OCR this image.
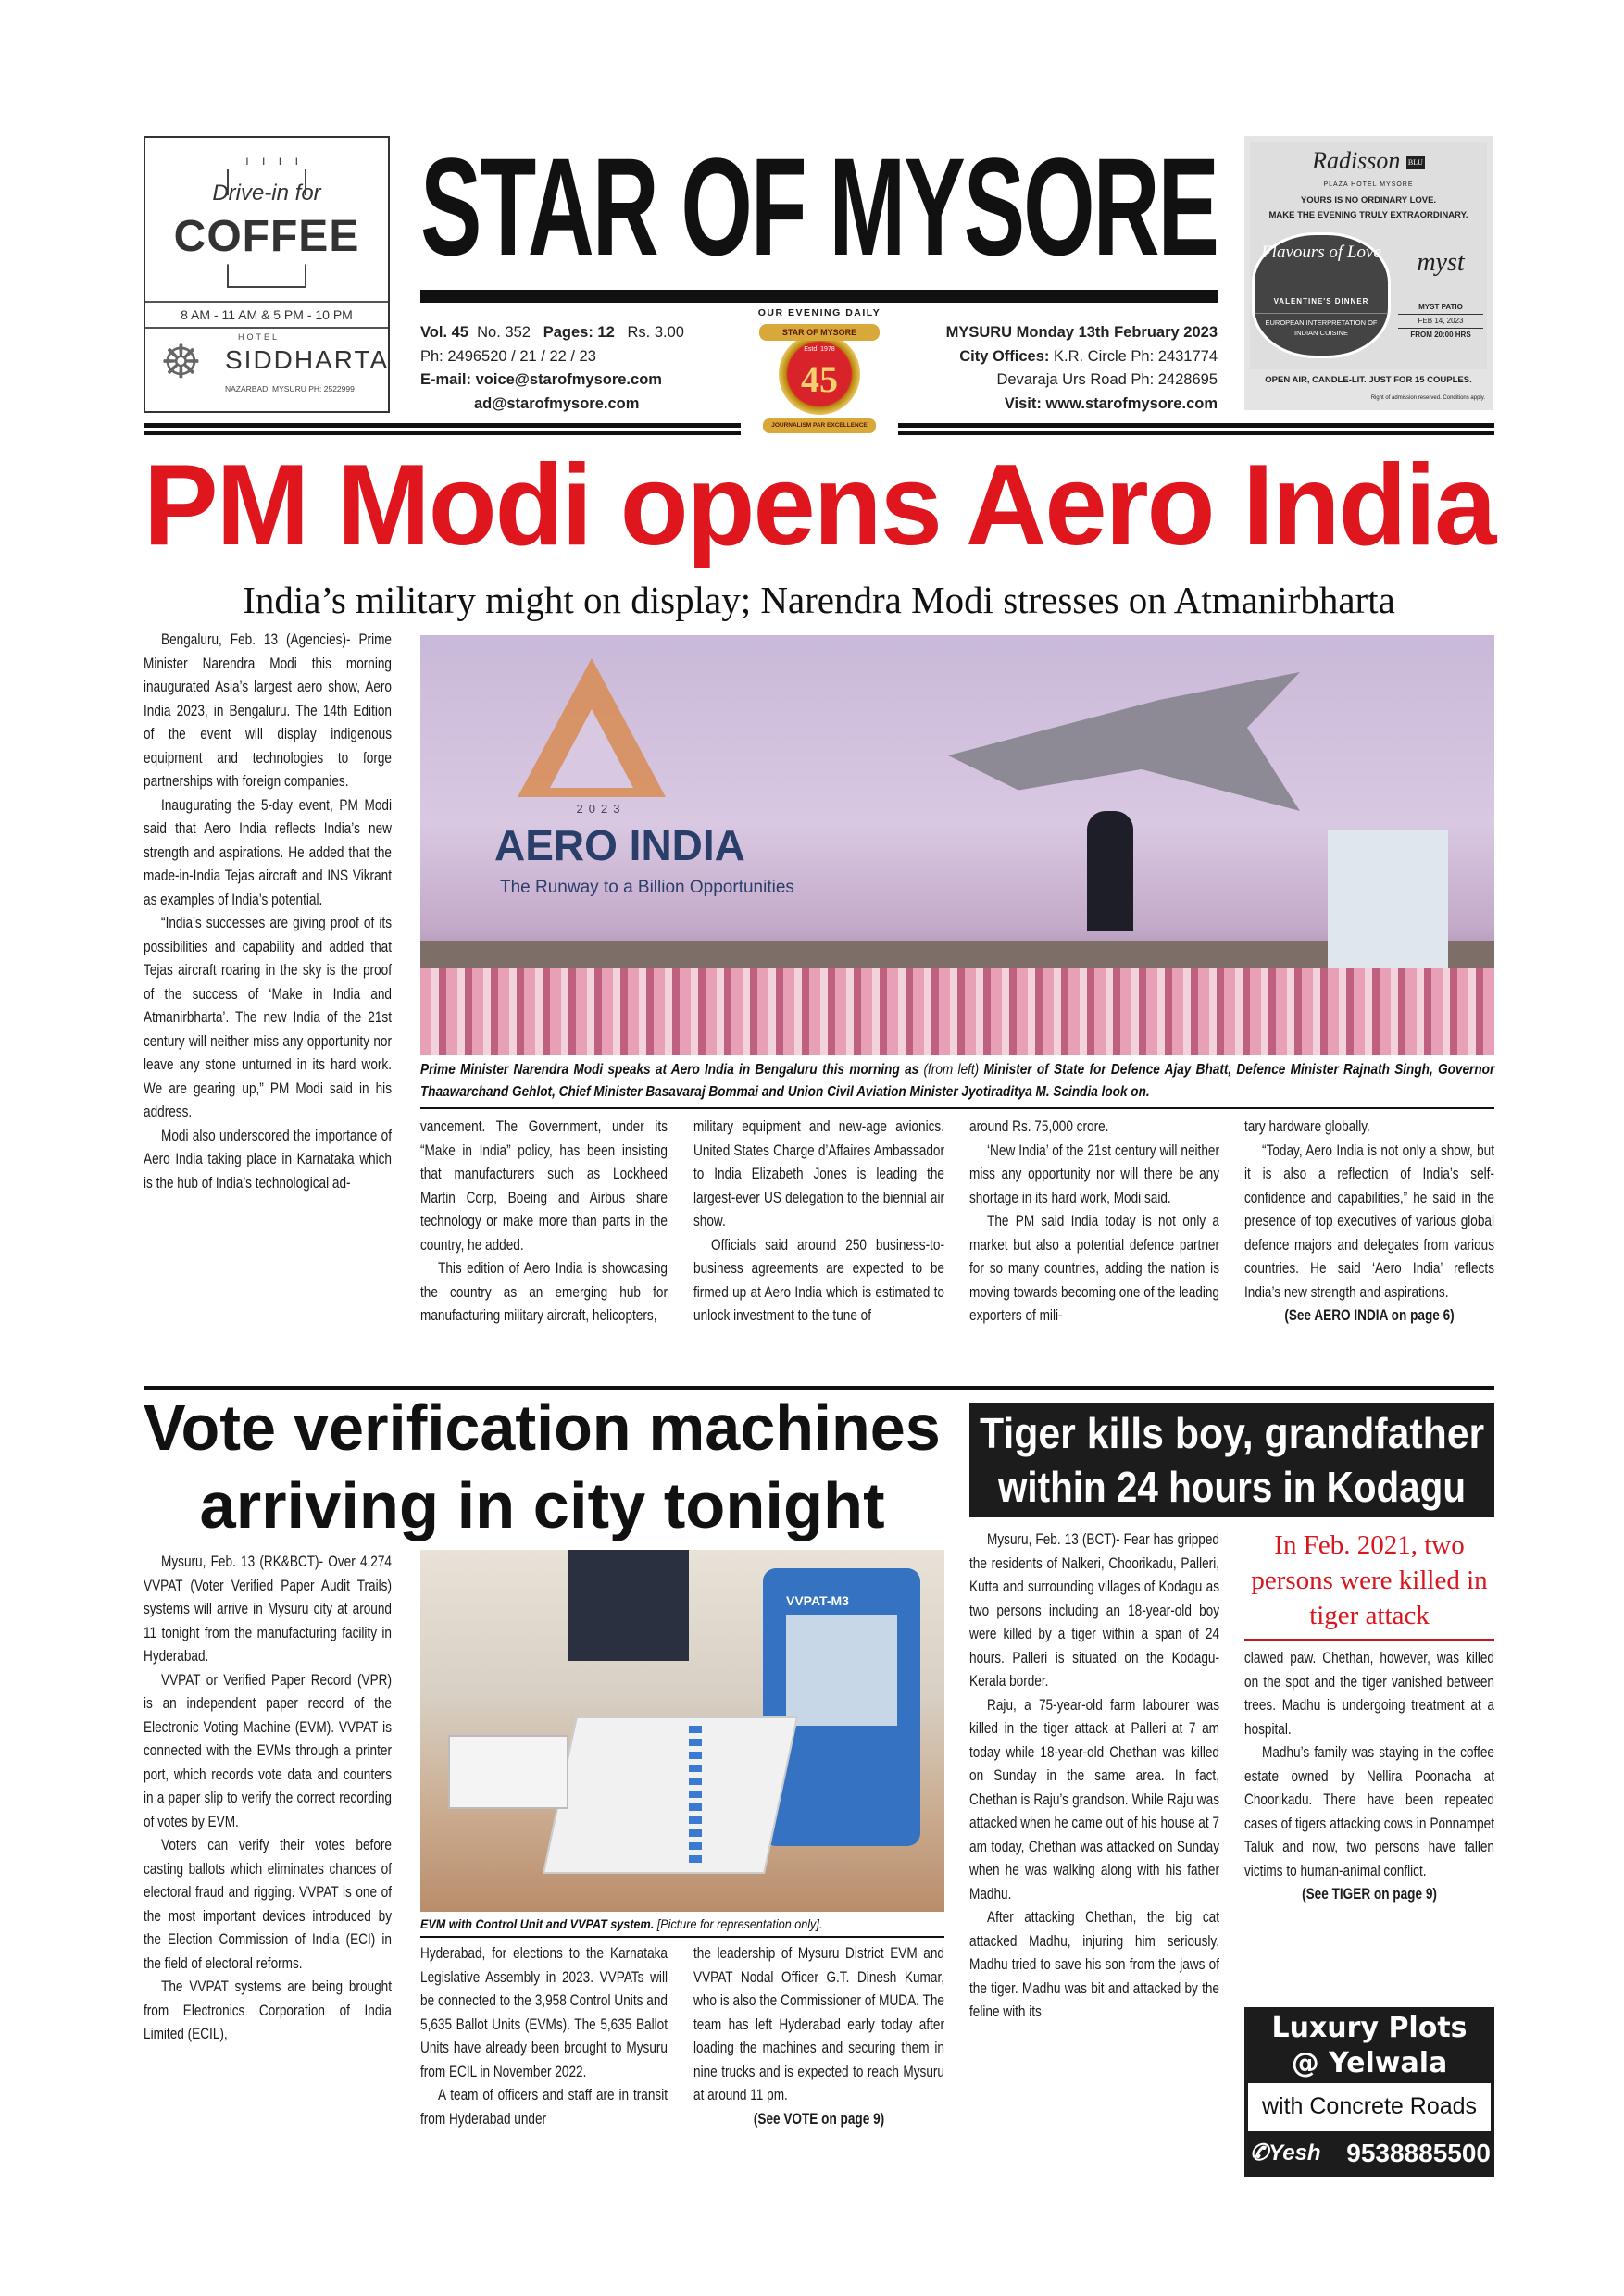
ı ı ı ı
Drive-in for
COFFEE
8 AM - 11 AM & 5 PM - 10 PM
☸	HOTEL
SIDDHARTA
NAZARBAD, MYSURU PH: 2522999
STAR OF MYSORE	Radisson BLU
PLAZA HOTEL MYSORE
YOURS IS NO ORDINARY LOVE.
MAKE THE EVENING TRULY EXTRAORDINARY.
Flavours of Love
VALENTINE'S DINNER
EUROPEAN INTERPRETATION OF INDIAN CUISINE
myst
MYST PATIO
FEB 14, 2023
FROM 20:00 HRS
OPEN AIR, CANDLE-LIT. JUST FOR 15 COUPLES.
Right of admission reserved. Conditions apply.
Vol. 45 No. 352 Pages: 12 Rs. 3.00
Ph: 2496520 / 21 / 22 / 23
E-mail: voice@starofmysore.com
ad@starofmysore.com
OUR EVENING DAILY
STAR OF MYSORE
Estd. 1978
45
JOURNALISM PAR EXCELLENCE
MYSURU Monday 13th February 2023
City Offices: K.R. Circle Ph: 2431774
Devaraja Urs Road Ph: 2428695
Visit: www.starofmysore.com
PM Modi opens Aero India
India’s military might on display; Narendra Modi stresses on Atmanirbharta
2023
AERO INDIA
The Runway to a Billion Opportunities
Prime Minister Narendra Modi speaks at Aero India in Bengaluru this morning as (from left) Minister of State for Defence Ajay Bhatt, Defence Minister Rajnath Singh, Governor Thaawarchand Gehlot, Chief Minister Basavaraj Bommai and Union Civil Aviation Minister Jyotiraditya M. Scindia look on.

Bengaluru, Feb. 13 (Agencies)- Prime Minister Narendra Modi this morning inaugurated Asia’s largest aero show, Aero India 2023, in Bengaluru. The 14th Edition of the event will display indigenous equipment and technologies to forge partnerships with foreign companies.

Inaugurating the 5-day event, PM Modi said that Aero India reflects India’s new strength and aspirations. He added that the made-in-India Tejas aircraft and INS Vikrant as examples of India’s potential.

“India’s successes are giving proof of its possibilities and capability and added that Tejas aircraft roaring in the sky is the proof of the success of ‘Make in India and Atmanirbharta’. The new India of the 21st century will neither miss any opportunity nor leave any stone unturned in its hard work. We are gearing up,” PM Modi said in his address.

Modi also underscored the importance of Aero India taking place in Karnataka which is the hub of India’s technological ad-

vancement. The Government, under its “Make in India” policy, has been insisting that manufacturers such as Lockheed Martin Corp, Boeing and Airbus share technology or make more than parts in the country, he added.

This edition of Aero India is showcasing the country as an emerging hub for manufacturing military aircraft, helicopters,

military equipment and new-age avionics. United States Charge d’Affaires Ambassador to India Elizabeth Jones is leading the largest-ever US delegation to the biennial air show.

Officials said around 250 business-to-business agreements are expected to be firmed up at Aero India which is estimated to unlock investment to the tune of

around Rs. 75,000 crore.

‘New India’ of the 21st century will neither miss any opportunity nor will there be any shortage in its hard work, Modi said.

The PM said India today is not only a market but also a potential defence partner for so many countries, adding the nation is moving towards becoming one of the leading exporters of mili-

tary hardware globally.

“Today, Aero India is not only a show, but it is also a reflection of India’s self-confidence and capabilities,” he said in the presence of top executives of various global defence majors and delegates from various countries. He said ‘Aero India’ reflects India’s new strength and aspirations.

(See AERO INDIA on page 6)

Vote verification machines
arriving in city tonight
VVPAT-M3
EVM with Control Unit and VVPAT system. [Picture for representation only].

Mysuru, Feb. 13 (RK&BCT)- Over 4,274 VVPAT (Voter Verified Paper Audit Trails) systems will arrive in Mysuru city at around 11 tonight from the manufacturing facility in Hyderabad.

VVPAT or Verified Paper Record (VPR) is an independent paper record of the Electronic Voting Machine (EVM). VVPAT is connected with the EVMs through a printer port, which records vote data and counters in a paper slip to verify the correct recording of votes by EVM.

Voters can verify their votes before casting ballots which eliminates chances of electoral fraud and rigging. VVPAT is one of the most important devices introduced by the Election Commission of India (ECI) in the field of electoral reforms.

The VVPAT systems are being brought from Electronics Corporation of India Limited (ECIL),

Hyderabad, for elections to the Karnataka Legislative Assembly in 2023. VVPATs will be connected to the 3,958 Control Units and 5,635 Ballot Units (EVMs). The 5,635 Ballot Units have already been brought to Mysuru from ECIL in November 2022.

A team of officers and staff are in transit from Hyderabad under

the leadership of Mysuru District EVM and VVPAT Nodal Officer G.T. Dinesh Kumar, who is also the Commissioner of MUDA. The team has left Hyderabad early today after loading the machines and securing them in nine trucks and is expected to reach Mysuru at around 11 pm.

(See VOTE on page 9)

Tiger kills boy, grandfather
within 24 hours in Kodagu
In Feb. 2021, two persons were killed in tiger attack

Mysuru, Feb. 13 (BCT)- Fear has gripped the residents of Nalkeri, Choorikadu, Palleri, Kutta and surrounding villages of Kodagu as two persons including an 18-year-old boy were killed by a tiger within a span of 24 hours. Palleri is situated on the Kodagu-Kerala border.

Raju, a 75-year-old farm labourer was killed in the tiger attack at Palleri at 7 am today while 18-year-old Chethan was killed on Sunday in the same area. In fact, Chethan is Raju’s grandson. While Raju was attacked when he came out of his house at 7 am today, Chethan was attacked on Sunday when he was walking along with his father Madhu.

After attacking Chethan, the big cat attacked Madhu, injuring him seriously. Madhu tried to save his son from the jaws of the tiger. Madhu was bit and attacked by the feline with its

clawed paw. Chethan, however, was killed on the spot and the tiger vanished between trees. Madhu is undergoing treatment at a hospital.

Madhu’s family was staying in the coffee estate owned by Nellira Poonacha at Choorikadu. There have been repeated cases of tigers attacking cows in Ponnampet Taluk and now, two persons have fallen victims to human-animal conflict.

(See TIGER on page 9)

Luxury Plots
@ Yelwala
with Concrete Roads
✆Yesh 9538885500
